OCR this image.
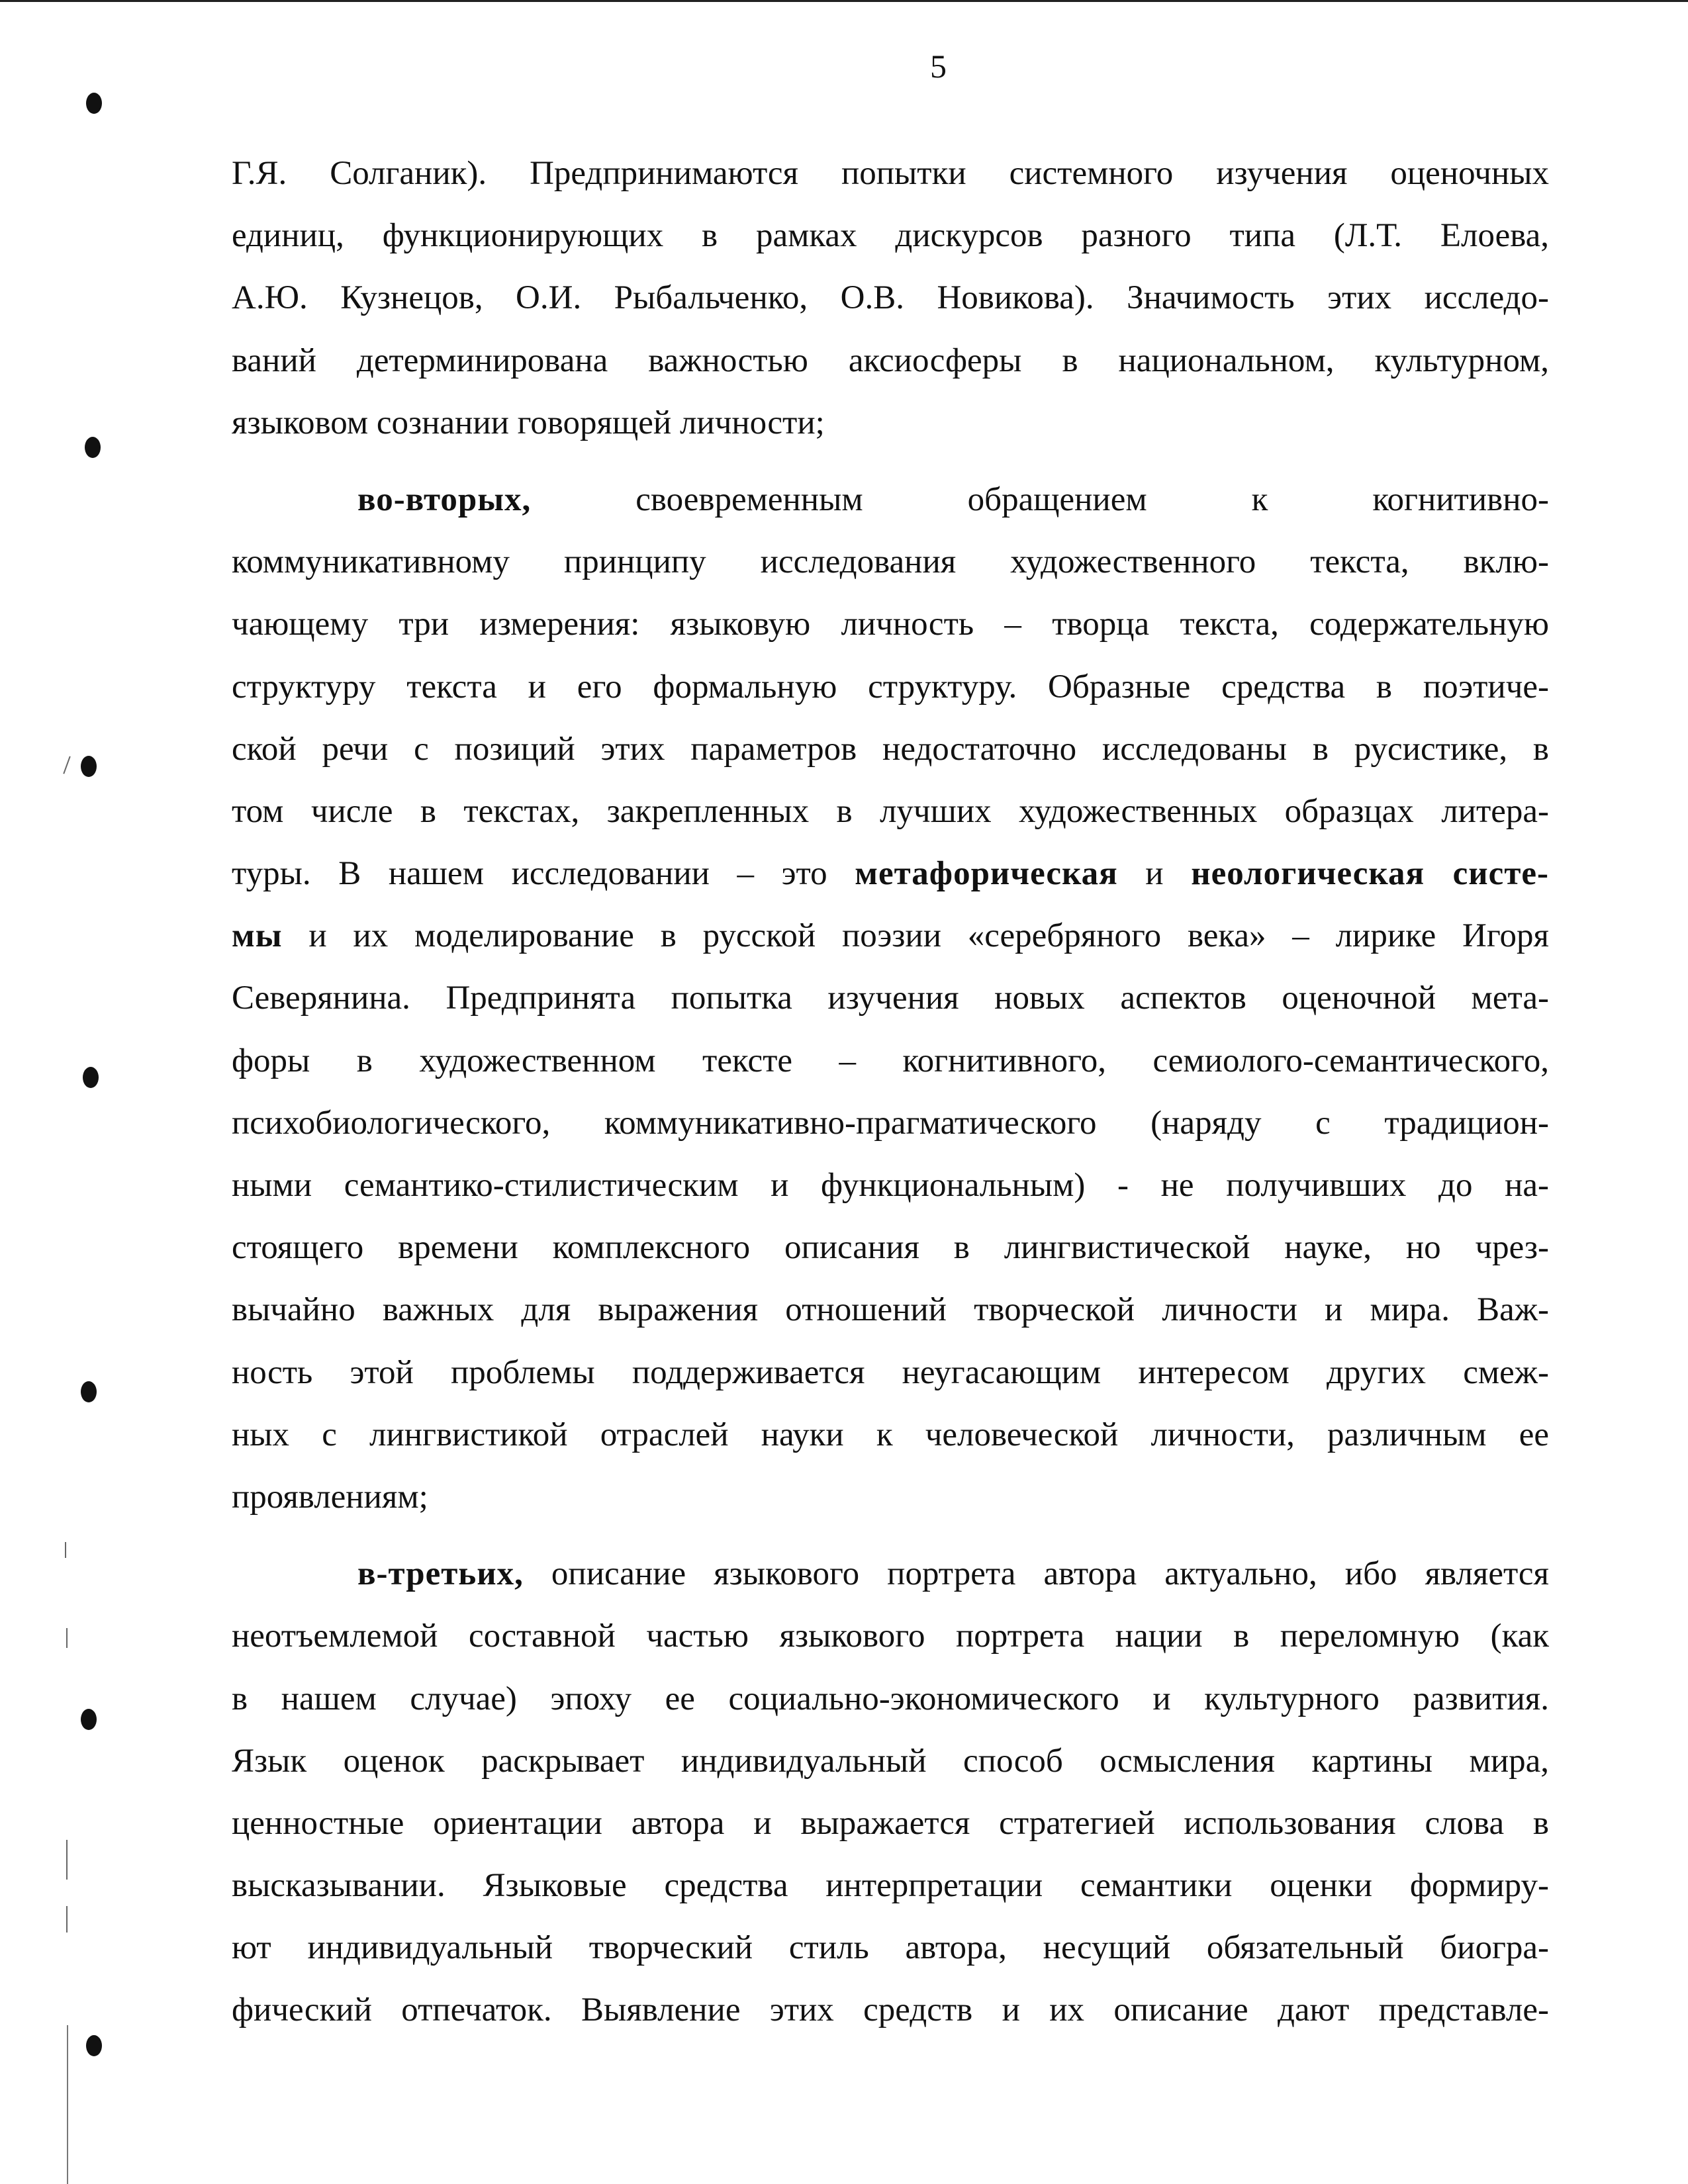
5
Г.Я. Солганик). Предпринимаются попытки системного изучения оценочных
единиц, функционирующих в рамках дискурсов разного типа (Л.Т. Елоева,
А.Ю. Кузнецов, О.И. Рыбальченко, О.В. Новикова). Значимость этих исследо-
ваний детерминирована важностью аксиосферы в национальном, культурном,
языковом сознании говорящей личности;
во-вторых, своевременным обращением к когнитивно-
коммуникативному принципу исследования художественного текста, вклю-
чающему три измерения: языковую личность – творца текста, содержательную
структуру текста и его формальную структуру. Образные средства в поэтиче-
ской речи с позиций этих параметров недостаточно исследованы в русистике, в
том числе в текстах, закрепленных в лучших художественных образцах литера-
туры. В нашем исследовании – это метафорическая и неологическая систе-
мы и их моделирование в русской поэзии «серебряного века» – лирике Игоря
Северянина. Предпринята попытка изучения новых аспектов оценочной мета-
форы в художественном тексте – когнитивного, семиолого-семантического,
психобиологического, коммуникативно-прагматического (наряду с традицион-
ными семантико-стилистическим и функциональным) - не получивших до на-
стоящего времени комплексного описания в лингвистической науке, но чрез-
вычайно важных для выражения отношений творческой личности и мира. Важ-
ность этой проблемы поддерживается неугасающим интересом других смеж-
ных с лингвистикой отраслей науки к человеческой личности, различным ее
проявлениям;
в-третьих, описание языкового портрета автора актуально, ибо является
неотъемлемой составной частью языкового портрета нации в переломную (как
в нашем случае) эпоху ее социально-экономического и культурного развития.
Язык оценок раскрывает индивидуальный способ осмысления картины мира,
ценностные ориентации автора и выражается стратегией использования слова в
высказывании. Языковые средства интерпретации семантики оценки формиру-
ют индивидуальный творческий стиль автора, несущий обязательный биогра-
фический отпечаток. Выявление этих средств и их описание дают представле-
